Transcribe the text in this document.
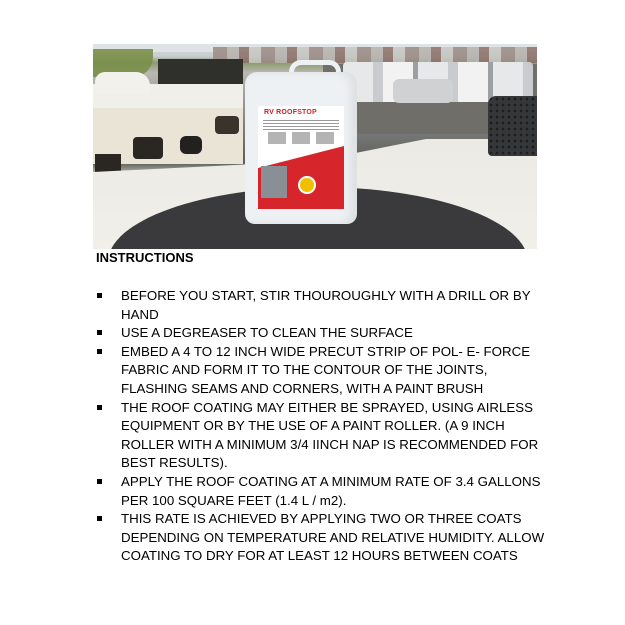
RV ROOFSTOP
INSTRUCTIONS
BEFORE YOU START, STIR THOUROUGHLY WITH A DRILL OR BY HAND
USE A DEGREASER TO CLEAN THE SURFACE
EMBED A 4 TO 12 INCH WIDE PRECUT STRIP OF POL- E- FORCE FABRIC AND FORM IT TO THE CONTOUR OF THE JOINTS, FLASHING SEAMS AND CORNERS, WITH A PAINT BRUSH
THE ROOF COATING MAY EITHER BE SPRAYED, USING AIRLESS EQUIPMENT OR BY THE USE OF A PAINT ROLLER. (A 9 INCH ROLLER WITH A MINIMUM 3/4 IINCH NAP IS RECOMMENDED FOR BEST RESULTS).
APPLY THE ROOF COATING AT A MINIMUM RATE OF 3.4 GALLONS PER 100 SQUARE FEET (1.4 L / m2).
THIS RATE IS ACHIEVED BY APPLYING TWO OR THREE COATS DEPENDING ON TEMPERATURE AND RELATIVE HUMIDITY. ALLOW COATING TO DRY FOR AT LEAST 12 HOURS BETWEEN COATS
